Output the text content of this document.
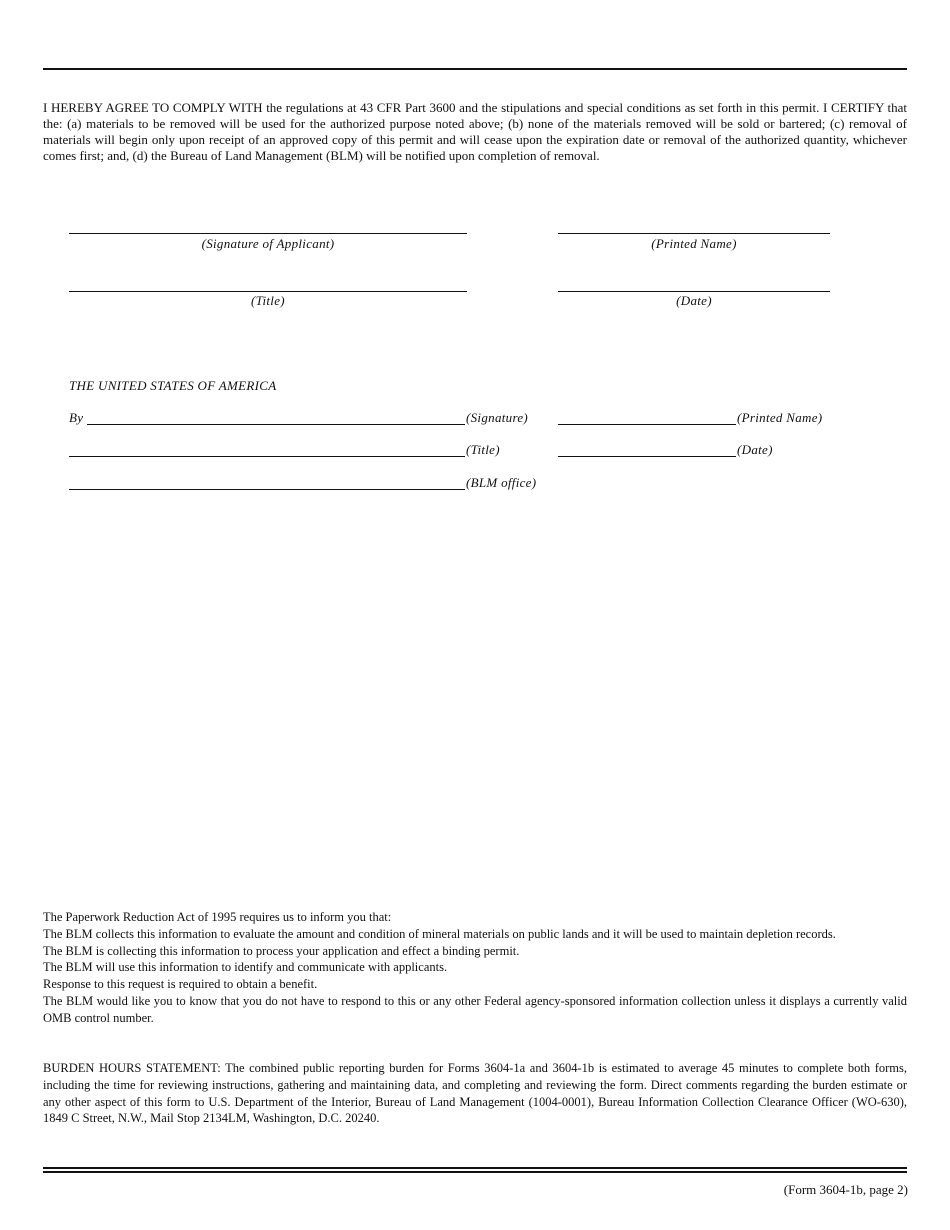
I HEREBY AGREE TO COMPLY WITH the regulations at 43 CFR Part 3600 and the stipulations and special conditions as set forth in this permit. I CERTIFY that the: (a) materials to be removed will be used for the authorized purpose noted above; (b) none of the materials removed will be sold or bartered; (c) removal of materials will begin only upon receipt of an approved copy of this permit and will cease upon the expiration date or removal of the authorized quantity, whichever comes first; and, (d) the Bureau of Land Management (BLM) will be notified upon completion of removal.
(Signature of Applicant)	(Printed Name)
(Title)	(Date)
THE UNITED STATES OF AMERICA
By	(Signature)	(Printed Name)
(Title)	(Date)
(BLM office)
The Paperwork Reduction Act of 1995 requires us to inform you that:
The BLM collects this information to evaluate the amount and condition of mineral materials on public lands and it will be used to maintain depletion records.
The BLM is collecting this information to process your application and effect a binding permit.
The BLM will use this information to identify and communicate with applicants.
Response to this request is required to obtain a benefit.
The BLM would like you to know that you do not have to respond to this or any other Federal agency-sponsored information collection unless it displays a currently valid OMB control number.
BURDEN HOURS STATEMENT: The combined public reporting burden for Forms 3604-1a and 3604-1b is estimated to average 45 minutes to complete both forms, including the time for reviewing instructions, gathering and maintaining data, and completing and reviewing the form. Direct comments regarding the burden estimate or any other aspect of this form to U.S. Department of the Interior, Bureau of Land Management (1004-0001), Bureau Information Collection Clearance Officer (WO-630), 1849 C Street, N.W., Mail Stop 2134LM, Washington, D.C. 20240.
(Form 3604-1b, page 2)
